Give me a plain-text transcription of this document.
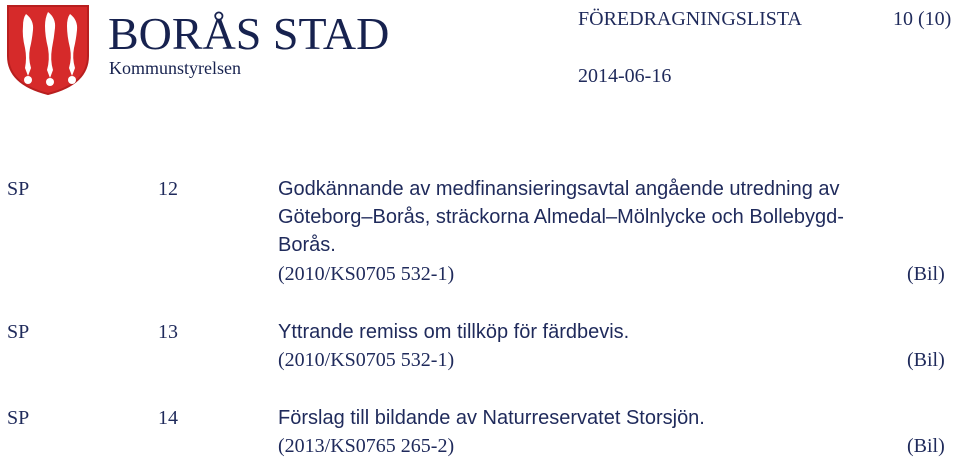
BORÅS STAD
Kommunstyrelsen
FÖREDRAGNINGSLISTA	10 (10)
2014-06-16
SP	12	Godkännande av medfinansieringsavtal angående utredning av
Göteborg–Borås, sträckorna Almedal–Mölnlycke och Bollebygd-
Borås.
(2010/KS0705 532-1)	(Bil)
SP	13	Yttrande remiss om tillköp för färdbevis.
(2010/KS0705 532-1)	(Bil)
SP	14	Förslag till bildande av Naturreservatet Storsjön.
(2013/KS0765 265-2)	(Bil)
